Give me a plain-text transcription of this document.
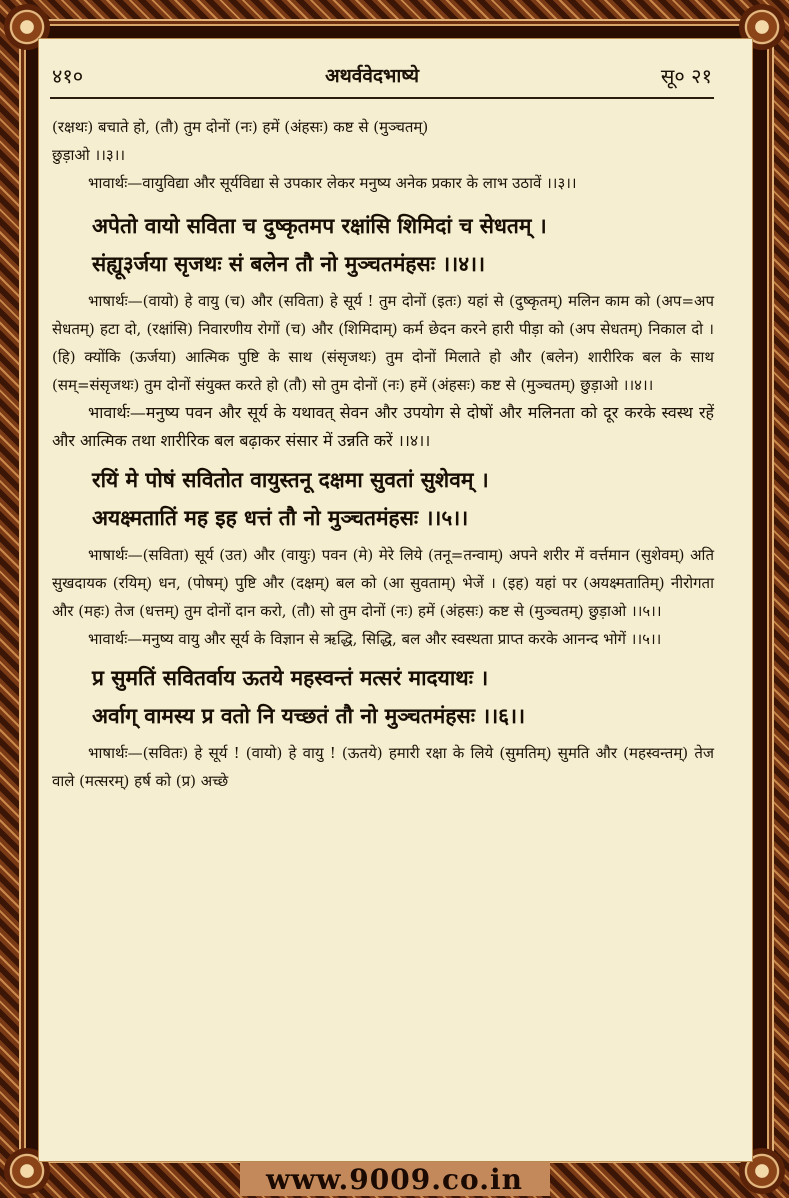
४१०	अथर्ववेदभाष्ये	सू० २१

(रक्षथः) बचाते हो, (तौ) तुम दोनों (नः) हमें (अंहसः) कष्ट से (मुञ्चतम्)
छुड़ाओ ।।३।।

भावार्थः—वायुविद्या और सूर्यविद्या से उपकार लेकर मनुष्य अनेक प्रकार के लाभ उठावें ।।३।।

अपेतो वायो सविता च दुष्कृतमप रक्षांसि शिमिदां च सेधतम् ।
संह्यू३र्जया सृजथः सं बलेन तौ नो मुञ्चतमंहसः ।।४।।

भाषार्थः—(वायो) हे वायु (च) और (सविता) हे सूर्य ! तुम दोनों (इतः) यहां से (दुष्कृतम्) मलिन काम को (अप=अप सेधतम्) हटा दो, (रक्षांसि) निवारणीय रोगों (च) और (शिमिदाम्) कर्म छेदन करने हारी पीड़ा को (अप सेधतम्) निकाल दो । (हि) क्योंकि (ऊर्जया) आत्मिक पुष्टि के साथ (संसृजथः) तुम दोनों मिलाते हो और (बलेन) शारीरिक बल के साथ (सम्=संसृजथः) तुम दोनों संयुक्त करते हो (तौ) सो तुम दोनों (नः) हमें (अंहसः) कष्ट से (मुञ्चतम्) छुड़ाओ ।।४।।

भावार्थः—मनुष्य पवन और सूर्य के यथावत् सेवन और उपयोग से दोषों और मलिनता को दूर करके स्वस्थ रहें और आत्मिक तथा शारीरिक बल बढ़ाकर संसार में उन्नति करें ।।४।।

रयिं मे पोषं सवितोत वायुस्तनू दक्षमा सुवतां सुशेवम् ।
अयक्ष्मतातिं मह इह धत्तं तौ नो मुञ्चतमंहसः ।।५।।

भाषार्थः—(सविता) सूर्य (उत) और (वायुः) पवन (मे) मेरे लिये (तनू=तन्वाम्) अपने शरीर में वर्त्तमान (सुशेवम्) अति सुखदायक (रयिम्) धन, (पोषम्) पुष्टि और (दक्षम्) बल को (आ सुवताम्) भेजें । (इह) यहां पर (अयक्ष्मतातिम्) नीरोगता और (महः) तेज (धत्तम्) तुम दोनों दान करो, (तौ) सो तुम दोनों (नः) हमें (अंहसः) कष्ट से (मुञ्चतम्) छुड़ाओ ।।५।।

भावार्थः—मनुष्य वायु और सूर्य के विज्ञान से ऋद्धि, सिद्धि, बल और स्वस्थता प्राप्त करके आनन्द भोगें ।।५।।

प्र सुमतिं सवितर्वाय ऊतये महस्वन्तं मत्सरं मादयाथः ।
अर्वाग् वामस्य प्र वतो नि यच्छतं तौ नो मुञ्चतमंहसः ।।६।।

भाषार्थः—(सवितः) हे सूर्य ! (वायो) हे वायु ! (ऊतये) हमारी रक्षा के लिये (सुमतिम्) सुमति और (महस्वन्तम्) तेज वाले (मत्सरम्) हर्ष को (प्र) अच्छे

www.9009.co.in
